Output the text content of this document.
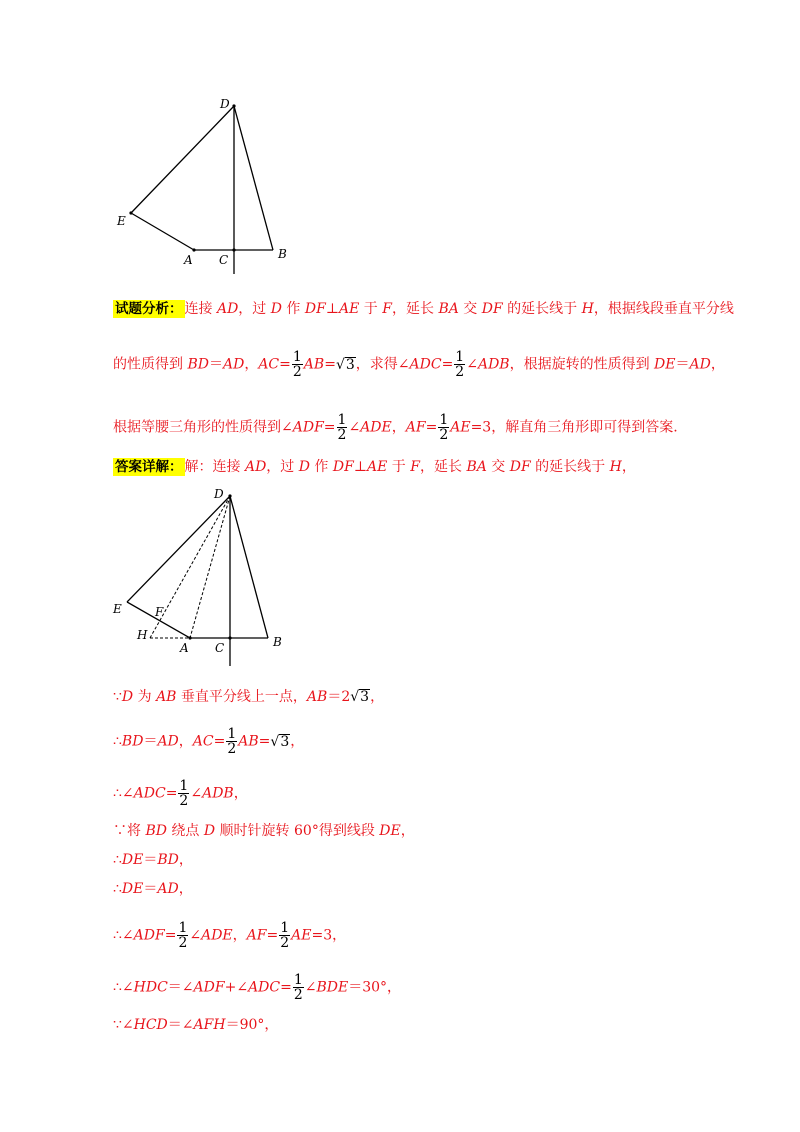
D
E
A C	B
试题分析： 连接 AD，过 D 作 DF⊥AE 于 F，延长 BA 交 DF 的延长线于 H，根据线段垂直平分线
的性质得到 BD＝AD，$AC= \frac{1}{2} AB=√3$，求得∠ADC= $\frac{1}{2}$ ∠ADB，根据旋转的性质得到 DE＝AD，
根据等腰三角形的性质得到∠ADF= $\frac{1}{2}$ ∠ADE，$AF= \frac{1}{2} AE=3$，解直角三角形即可得到答案.
答案详解： 解：连接 AD，过 D 作 DF⊥AE 于 F，延长 BA 交 DF 的延长线于 H，
D
E	F
H
A C	B
∵D 为 AB 垂直平分线上一点，AB＝2√3，
∴BD＝AD，$AC= \frac{1}{2} AB=√3$，
∴∠ADC= $\frac{1}{2}$ ∠ADB，
∵将 BD 绕点 D 顺时针旋转 60°得到线段 DE，
∴DE＝BD，
∴DE＝AD，
∴∠ADF= $\frac{1}{2}$ ∠ADE，$AF= \frac{1}{2} AE=3$，
∴∠HDC＝∠ADF+∠ADC= $\frac{1}{2}$ ∠BDE＝30°，
∵∠HCD＝∠AFH＝90°，
